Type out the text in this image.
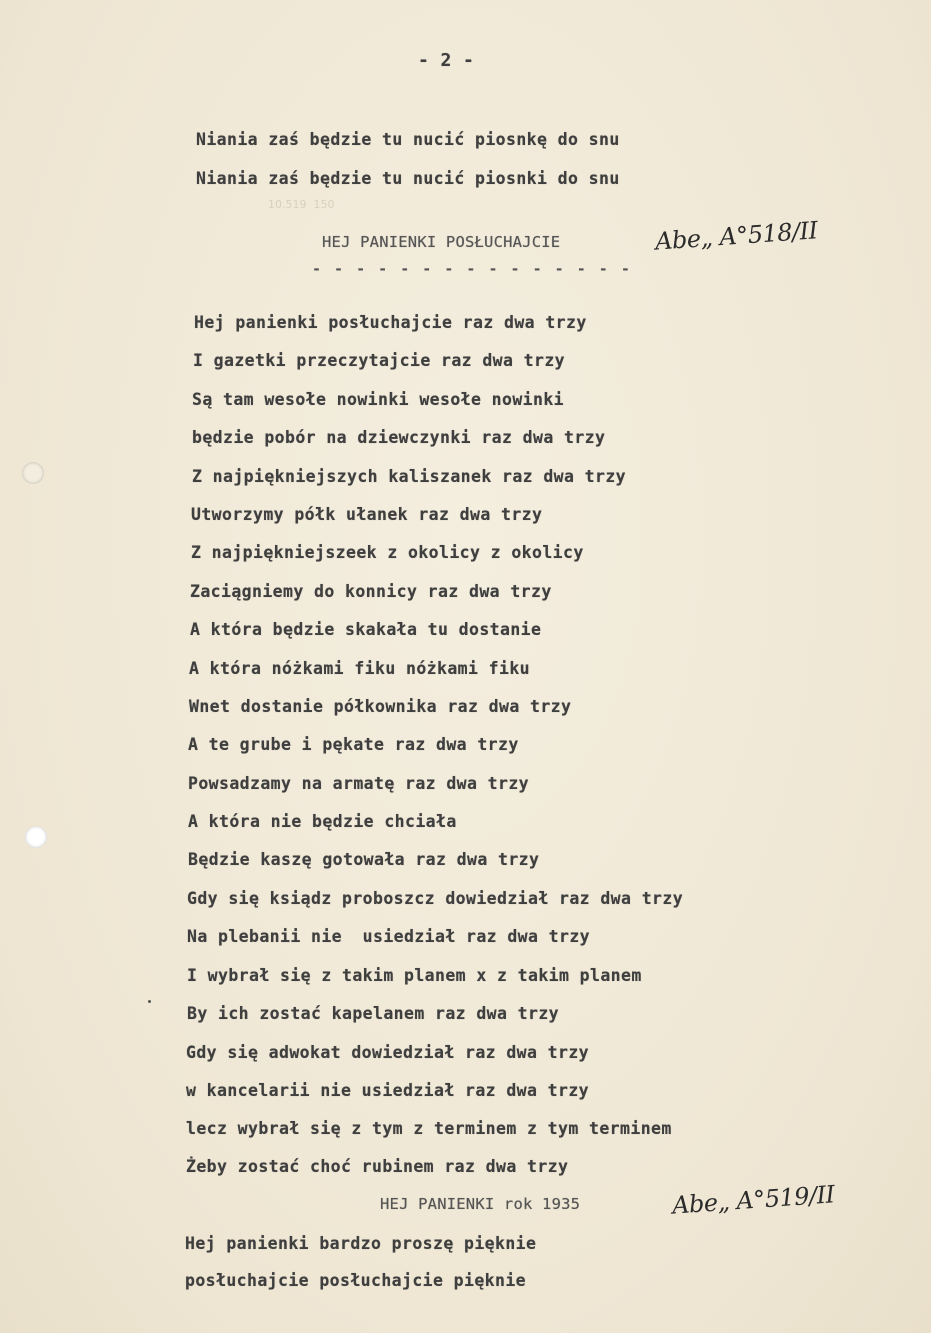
- 2 -
Niania zaś będzie tu nucić piosnkę do snu
Niania zaś będzie tu nucić piosnki do snu
10.519  150
HEJ PANIENKI POSŁUCHAJCIE
- - - - - - - - - - - - - - -
Abe„ A°518/II
Hej panienki posłuchajcie raz dwa trzy
I gazetki przeczytajcie raz dwa trzy
Są tam wesołe nowinki wesołe nowinki
będzie pobór na dziewczynki raz dwa trzy
Z najpiękniejszych kaliszanek raz dwa trzy
Utworzymy półk ułanek raz dwa trzy
Z najpiękniejszeek z okolicy z okolicy
Zaciągniemy do konnicy raz dwa trzy
A która będzie skakała tu dostanie
A która nóżkami fiku nóżkami fiku
Wnet dostanie półkownika raz dwa trzy
A te grube i pękate raz dwa trzy
Powsadzamy na armatę raz dwa trzy
A która nie będzie chciała
Będzie kaszę gotowała raz dwa trzy
Gdy się ksiądz proboszcz dowiedział raz dwa trzy
Na plebanii nie  usiedział raz dwa trzy
I wybrał się z takim planem x z takim planem
By ich zostać kapelanem raz dwa trzy
Gdy się adwokat dowiedział raz dwa trzy
w kancelarii nie usiedział raz dwa trzy
lecz wybrał się z tym z terminem z tym terminem
Żeby zostać choć rubinem raz dwa trzy
HEJ PANIENKI rok 1935	Abe„ A°519/II
Hej panienki bardzo proszę pięknie
posłuchajcie posłuchajcie pięknie
